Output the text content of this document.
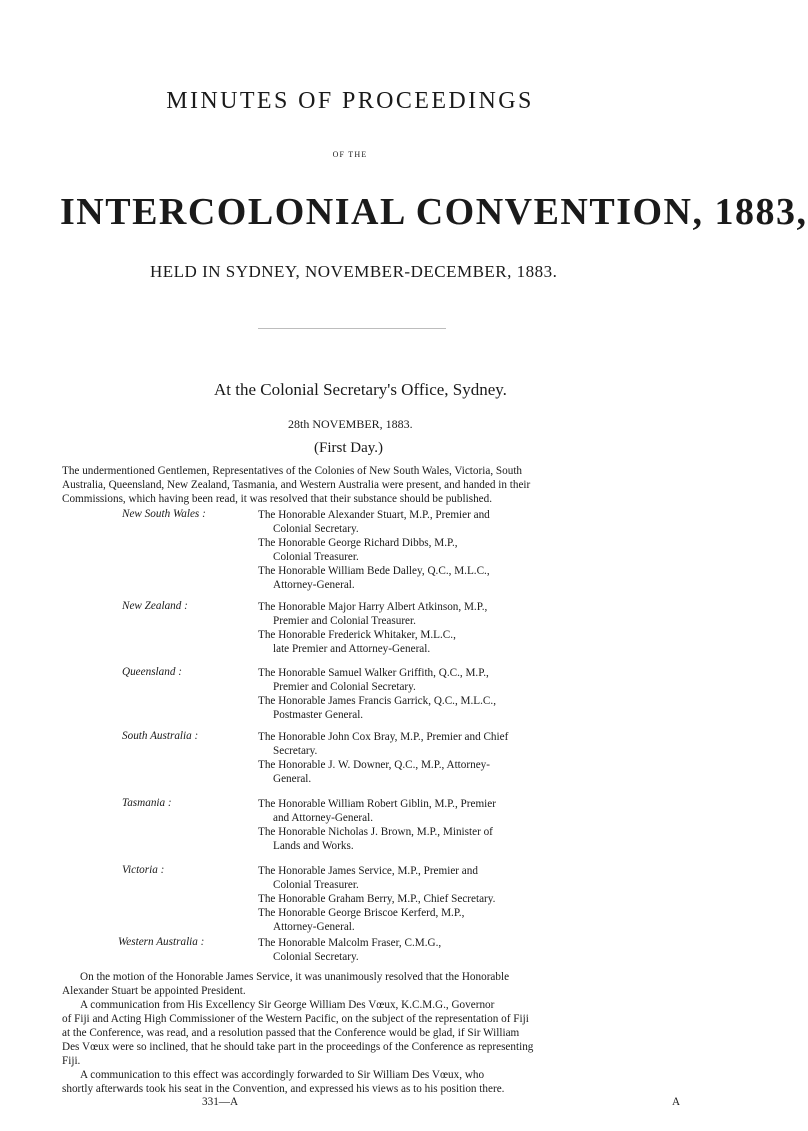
MINUTES OF PROCEEDINGS
OF THE
INTERCOLONIAL CONVENTION, 1883,
HELD IN SYDNEY, NOVEMBER-DECEMBER, 1883.
At the Colonial Secretary's Office, Sydney.
28th NOVEMBER, 1883.
(First Day.)
The undermentioned Gentlemen, Representatives of the Colonies of New South Wales, Victoria, South
Australia, Queensland, New Zealand, Tasmania, and Western Australia were present, and handed in their
Commissions, which having been read, it was resolved that their substance should be published.
New South Wales :	The Honorable Alexander Stuart, M.P., Premier and
Colonial Secretary.
The Honorable George Richard Dibbs, M.P.,
Colonial Treasurer.
The Honorable William Bede Dalley, Q.C., M.L.C.,
Attorney-General.
New Zealand :	The Honorable Major Harry Albert Atkinson, M.P.,
Premier and Colonial Treasurer.
The Honorable Frederick Whitaker, M.L.C.,
late Premier and Attorney-General.
Queensland :	The Honorable Samuel Walker Griffith, Q.C., M.P.,
Premier and Colonial Secretary.
The Honorable James Francis Garrick, Q.C., M.L.C.,
Postmaster General.
South Australia :	The Honorable John Cox Bray, M.P., Premier and Chief
Secretary.
The Honorable J. W. Downer, Q.C., M.P., Attorney-
General.
Tasmania :	The Honorable William Robert Giblin, M.P., Premier
and Attorney-General.
The Honorable Nicholas J. Brown, M.P., Minister of
Lands and Works.
Victoria :	The Honorable James Service, M.P., Premier and
Colonial Treasurer.
The Honorable Graham Berry, M.P., Chief Secretary.
The Honorable George Briscoe Kerferd, M.P.,
Attorney-General.
Western Australia :	The Honorable Malcolm Fraser, C.M.G.,
Colonial Secretary.
On the motion of the Honorable James Service, it was unanimously resolved that the Honorable
Alexander Stuart be appointed President.
A communication from His Excellency Sir George William Des Vœux, K.C.M.G., Governor
of Fiji and Acting High Commissioner of the Western Pacific, on the subject of the representation of Fiji
at the Conference, was read, and a resolution passed that the Conference would be glad, if Sir William
Des Vœux were so inclined, that he should take part in the proceedings of the Conference as representing
Fiji.
A communication to this effect was accordingly forwarded to Sir William Des Vœux, who
shortly afterwards took his seat in the Convention, and expressed his views as to his position there.
331—A	A
